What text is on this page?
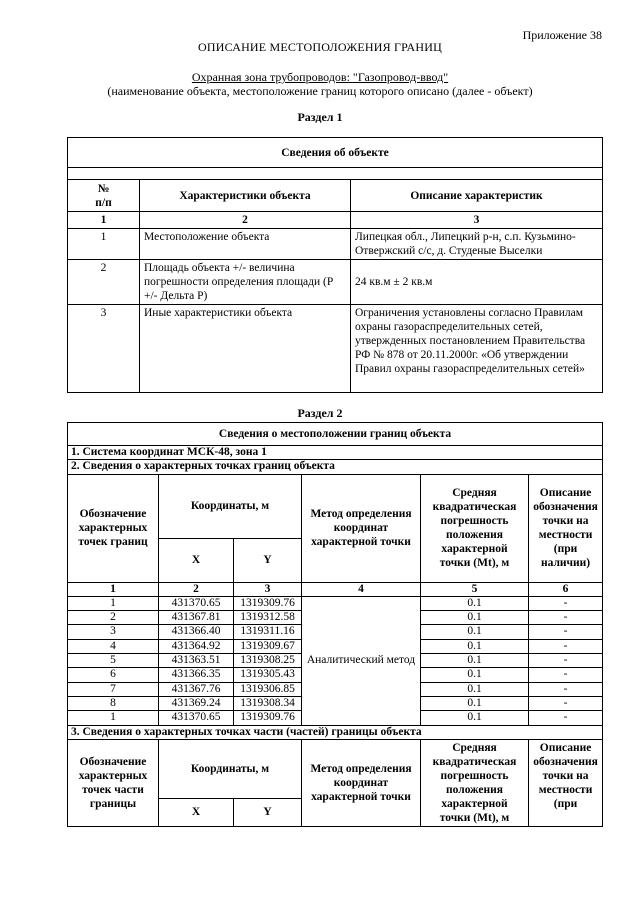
Приложение 38
ОПИСАНИЕ МЕСТОПОЛОЖЕНИЯ ГРАНИЦ
Охранная зона трубопроводов: "Газопровод-ввод"
(наименование объекта, местоположение границ которого описано (далее - объект)
Раздел 1
Сведения об объекте		

№
п/п	Характеристики объекта	Описание характеристик
1	2	3
1	Местоположение объекта	Липецкая обл., Липецкий р-н, с.п. Кузьмино-Отвержский с/с, д. Студеные Выселки
2	Площадь объекта +/- величина погрешности определения площади (Р +/- Дельта Р)	24 кв.м ± 2 кв.м
3	Иные характеристики объекта	Ограничения установлены согласно Правилам охраны газораспределительных сетей, утвержденных постановлением Правительства РФ № 878 от 20.11.2000г. «Об утверждении Правил охраны газораспределительных сетей»
Раздел 2
Сведения о местоположении границ объекта					
1. Система координат МСК-48, зона 1					
2. Сведения о характерных точках границ объекта					
Обозначение характерных точек границ	Координаты, м		Метод определения координат характерной точки	Средняя квадратическая погрешность положения характерной точки (Mt), м	Описание обозначения точки на местности (при наличии)
	X	Y			
1	2	3	4	5	6
1	431370.65	1319309.76	Аналитический метод	0.1	-
2	431367.81	1319312.58		0.1	-
3	431366.40	1319311.16		0.1	-
4	431364.92	1319309.67		0.1	-
5	431363.51	1319308.25		0.1	-
6	431366.35	1319305.43		0.1	-
7	431367.76	1319306.85		0.1	-
8	431369.24	1319308.34		0.1	-
1	431370.65	1319309.76		0.1	-
3. Сведения о характерных точках части (частей) границы объекта					
Обозначение характерных точек части границы	Координаты, м		Метод определения координат характерной точки	Средняя квадратическая погрешность положения характерной точки (Mt), м	Описание обозначения точки на местности (при
	X	Y			
